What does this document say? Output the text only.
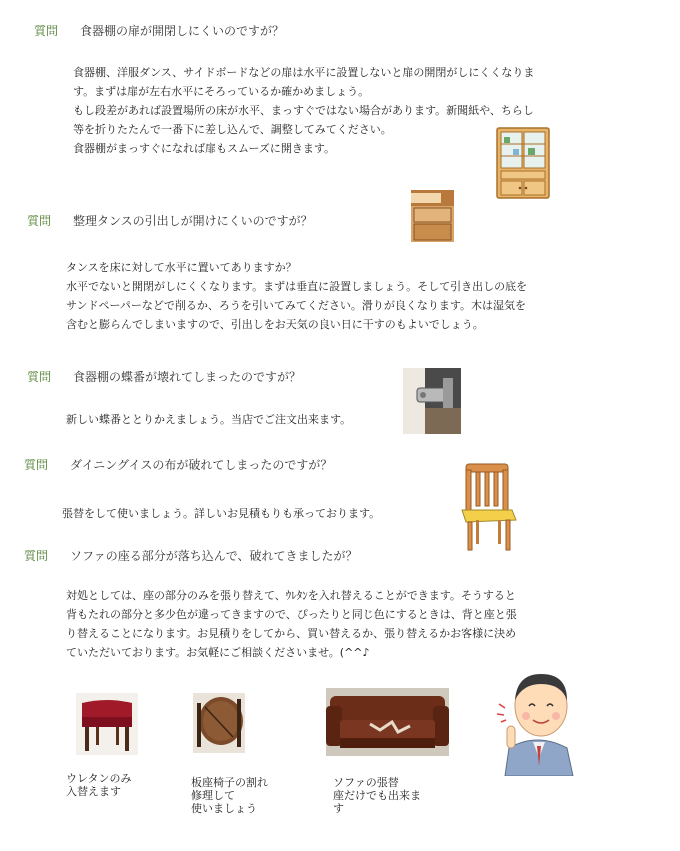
質問 食器棚の扉が開閉しにくいのですが？
食器棚、洋服ダンス、サイドボードなどの扉は水平に設置しないと扉の開閉がしにくくなりま
す。まずは扉が左右水平にそろっているか確かめましょう。
もし段差があれば設置場所の床が水平、まっすぐではない場合があります。新聞紙や、ちらし
等を折りたたんで一番下に差し込んで、調整してみてください。
食器棚がまっすぐになれば扉もスムーズに開きます。
質問 整理タンスの引出しが開けにくいのですが？
タンスを床に対して水平に置いてありますか？
水平でないと開閉がしにくくなります。まずは垂直に設置しましょう。そして引き出しの底を
サンドペーパーなどで削るか、ろうを引いてみてください。滑りが良くなります。木は湿気を
含むと膨らんでしまいますので、引出しをお天気の良い日に干すのもよいでしょう。
質問 食器棚の蝶番が壊れてしまったのですが？
新しい蝶番ととりかえましょう。当店でご注文出来ます。
質問 ダイニングイスの布が破れてしまったのですが？
張替をして使いましょう。詳しいお見積もりも承っております。
質問 ソファの座る部分が落ち込んで、破れてきましたが？
対処としては、座の部分のみを張り替えて、ｳﾚﾀﾝを入れ替えることができます。そうすると
背もたれの部分と多少色が違ってきますので、ぴったりと同じ色にするときは、背と座と張
り替えることになります。お見積りをしてから、買い替えるか、張り替えるかお客様に決め
ていただいております。お気軽にご相談くださいませ。(^^♪
ウレタンのみ
入替えます
板座椅子の割れ
修理して
使いましょう
ソファの張替
座だけでも出来ま
す
